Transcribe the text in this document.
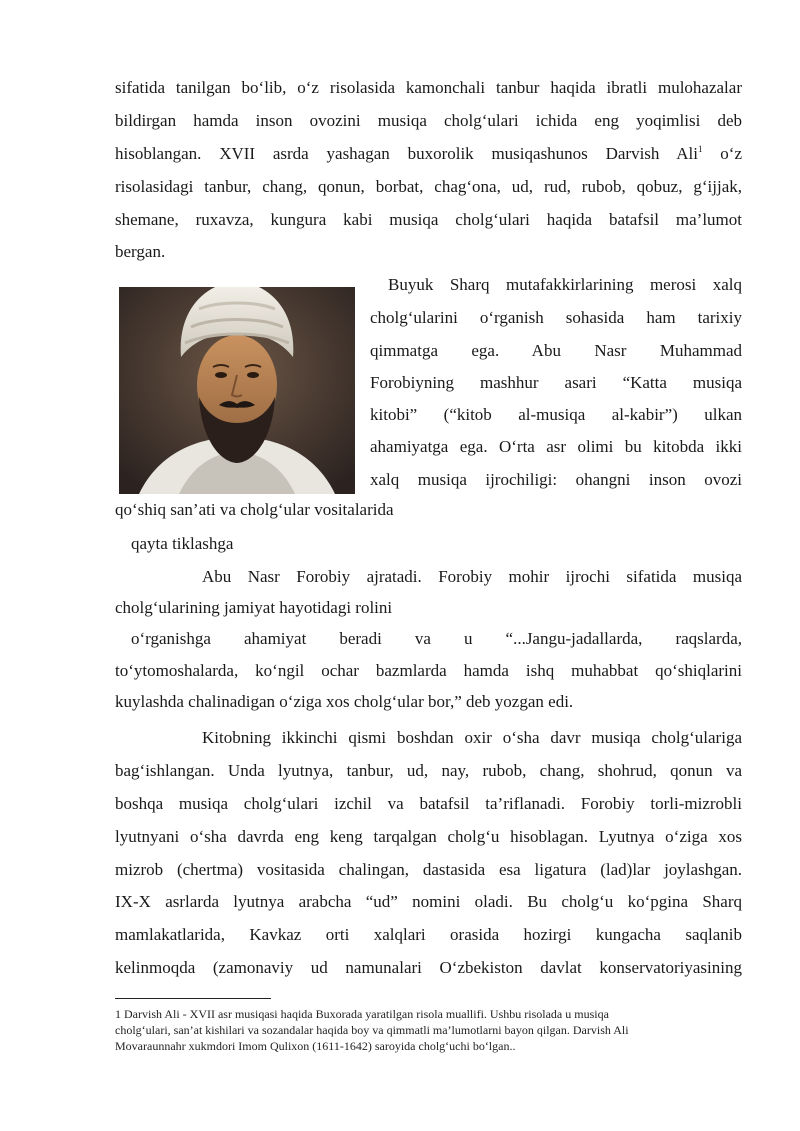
sifatida tanilgan bo‘lib, o‘z risolasida kamonchali tanbur haqida ibratli mulohazalar
bildirgan hamda inson ovozini musiqa cholg‘ulari ichida eng yoqimlisi deb
hisoblangan. XVII asrda yashagan buxorolik musiqashunos Darvish Ali$^1$ o‘z
risolasidagi tanbur, chang, qonun, borbat, chag‘ona, ud, rud, rubob, qobuz, g‘ijjak,
shemane, ruxavza, kungura kabi musiqa cholg‘ulari haqida batafsil ma’lumot
bergan.
Buyuk Sharq mutafakkirlarining merosi xalq
cholg‘ularini o‘rganish sohasida ham tarixiy
qimmatga ega. Abu Nasr Muhammad
Forobiyning mashhur asari “Katta musiqa
kitobi” (“kitob al-musiqa al-kabir”) ulkan
ahamiyatga ega. O‘rta asr olimi bu kitobda ikki
xalq musiqa ijrochiligi: ohangni inson ovozi
qo‘shiq san’ati va cholg‘ular vositalarida
qayta tiklashga
Abu Nasr Forobiy ajratadi. Forobiy mohir ijrochi sifatida musiqa
cholg‘ularining jamiyat hayotidagi rolini
o‘rganishga ahamiyat beradi va u “...Jangu-jadallarda, raqslarda,
to‘ytomoshalarda, ko‘ngil ochar bazmlarda hamda ishq muhabbat qo‘shiqlarini
kuylashda chalinadigan o‘ziga xos cholg‘ular bor,” deb yozgan edi.
Kitobning ikkinchi qismi boshdan oxir o‘sha davr musiqa cholg‘ulariga
bag‘ishlangan. Unda lyutnya, tanbur, ud, nay, rubob, chang, shohrud, qonun va
boshqa musiqa cholg‘ulari izchil va batafsil ta’riflanadi. Forobiy torli-mizrobli
lyutnyani o‘sha davrda eng keng tarqalgan cholg‘u hisoblagan. Lyutnya o‘ziga xos
mizrob (chertma) vositasida chalingan, dastasida esa ligatura (lad)lar joylashgan.
IX-X asrlarda lyutnya arabcha “ud” nomini oladi. Bu cholg‘u ko‘pgina Sharq
mamlakatlarida, Kavkaz orti xalqlari orasida hozirgi kungacha saqlanib
kelinmoqda (zamonaviy ud namunalari O‘zbekiston davlat konservatoriyasining
1 Darvish Ali - XVII asr musiqasi haqida Buxorada yaratilgan risola muallifi. Ushbu risolada u musiqa
cholg‘ulari, san’at kishilari va sozandalar haqida boy va qimmatli ma’lumotlarni bayon qilgan. Darvish Ali
Movaraunnahr xukmdori Imom Qulixon (1611-1642) saroyida cholg‘uchi bo‘lgan..
